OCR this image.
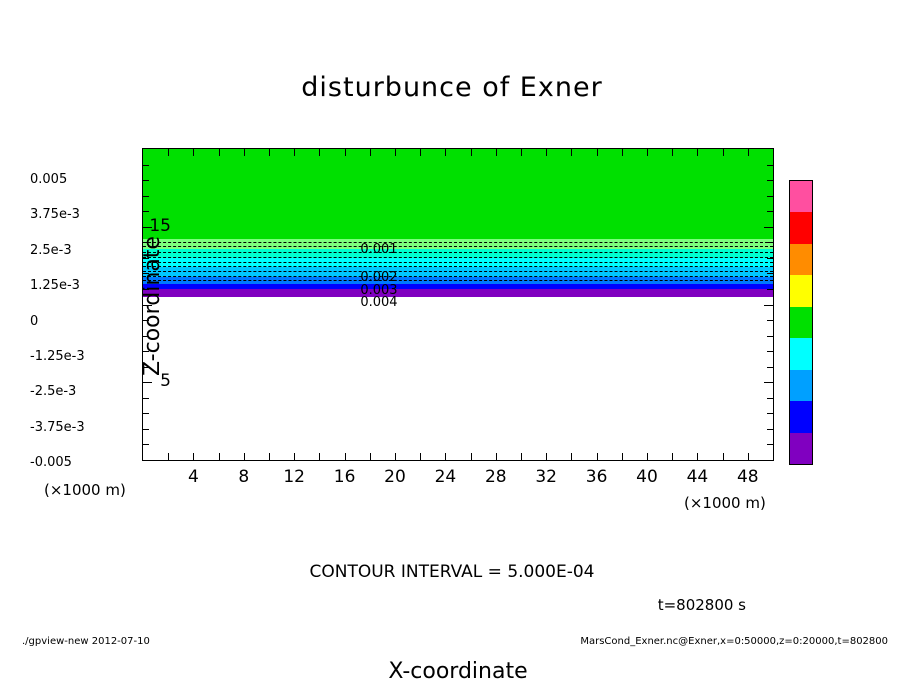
disturbunce of Exner
4	8	12	16	20	24	28	32	36	40	44	48
5
15
Z-coordinate
X-coordinate
0.001
0.002
0.003
0.004
(×1000 m)
(×1000 m)
0.005
3.75e-3
2.5e-3
1.25e-3
0
-1.25e-3
-2.5e-3
-3.75e-3
-0.005
CONTOUR INTERVAL = 5.000E-04
t=802800 s
./gpview-new 2012-07-10	MarsCond_Exner.nc@Exner,x=0:50000,z=0:20000,t=802800
